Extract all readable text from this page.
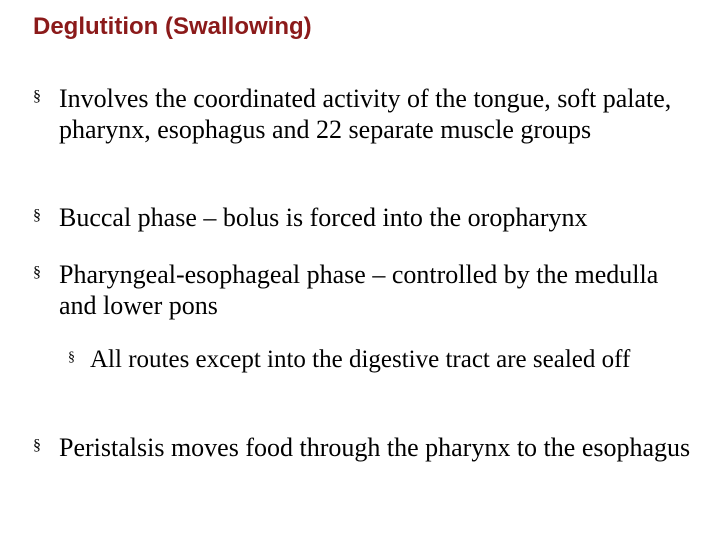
Deglutition (Swallowing)
§ Involves the coordinated activity of the tongue, soft palate, pharynx, esophagus and 22 separate muscle groups
§ Buccal phase – bolus is forced into the oropharynx
§ Pharyngeal-esophageal phase – controlled by the medulla and lower pons
§ All routes except into the digestive tract are sealed off
§ Peristalsis moves food through the pharynx to the esophagus
